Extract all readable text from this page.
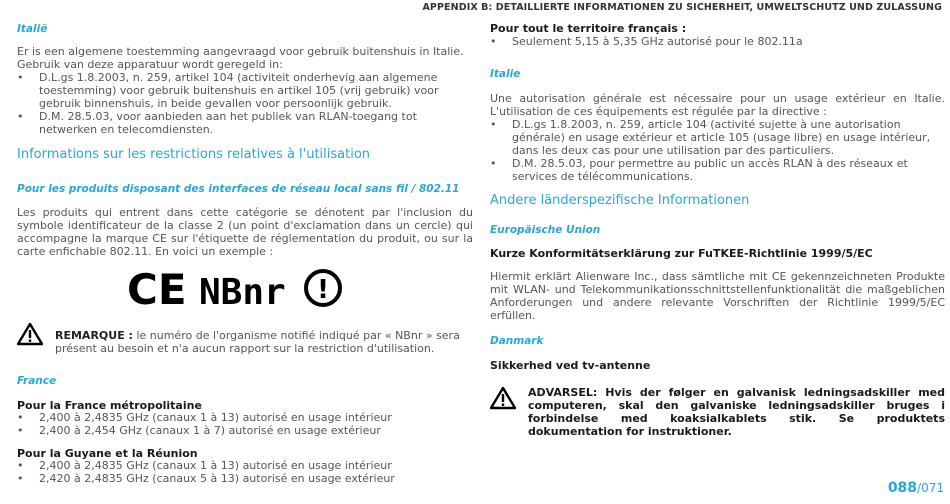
APPENDIX B: DETAILLIERTE INFORMATIONEN ZU SICHERHEIT, UMWELTSCHUTZ UND ZULASSUNG
Italië

Er is een algemene toestemming aangevraagd voor gebruik buitenshuis in Italie. Gebruik van deze apparatuur wordt geregeld in:

• D.L.gs 1.8.2003, n. 259, artikel 104 (activiteit onderhevig aan algemene toestemming) voor gebruik buitenshuis en artikel 105 (vrij gebruik) voor gebruik binnenshuis, in beide gevallen voor persoonlijk gebruik.
• D.M. 28.5.03, voor aanbieden aan het publiek van RLAN-toegang tot netwerken en telecomdiensten.
Informations sur les restrictions relatives à l'utilisation
Pour les produits disposant des interfaces de réseau local sans fil / 802.11

Les produits qui entrent dans cette catégorie se dénotent par l'inclusion du symbole identificateur de la classe 2 (un point d'exclamation dans un cercle) qui accompagne la marque CE sur l'étiquette de réglementation du produit, ou sur la carte enfichable 802.11. En voici un exemple :

CE NBnr !
REMARQUE : le numéro de l'organisme notifié indiqué par « NBnr » sera présent au besoin et n'a aucun rapport sur la restriction d'utilisation.
France
Pour la France métropolitaine
• 2,400 à 2,4835 GHz (canaux 1 à 13) autorisé en usage intérieur
• 2,400 à 2,454 GHz (canaux 1 à 7) autorisé en usage extérieur
Pour la Guyane et la Réunion
• 2,400 à 2,4835 GHz (canaux 1 à 13) autorisé en usage intérieur
• 2,420 à 2,4835 GHz (canaux 5 à 13) autorisé en usage extérieur
Pour tout le territoire français :
• Seulement 5,15 à 5,35 GHz autorisé pour le 802.11a
Italie

Une autorisation générale est nécessaire pour un usage extérieur en Italie. L'utilisation de ces équipements est régulée par la directive :

• D.L.gs 1.8.2003, n. 259, article 104 (activité sujette à une autorisation générale) en usage extérieur et article 105 (usage libre) en usage intérieur, dans les deux cas pour une utilisation par des particuliers.
• D.M. 28.5.03, pour permettre au public un accès RLAN à des réseaux et services de télécommunications.
Andere länderspezifische Informationen
Europäische Union
Kurze Konformitätserklärung zur FuTKEE-Richtlinie 1999/5/EC

Hiermit erklärt Alienware Inc., dass sämtliche mit CE gekennzeichneten Produkte mit WLAN- und Telekommunikationsschnittstellenfunktionalität die maßgeblichen Anforderungen und andere relevante Vorschriften der Richtlinie 1999/5/EC erfüllen.

Danmark
Sikkerhed ved tv-antenne
ADVARSEL: Hvis der følger en galvanisk ledningsadskiller med computeren, skal den galvaniske ledningsadskiller bruges i forbindelse med koaksialkablets stik. Se produktets dokumentation for instruktioner.
088/071
